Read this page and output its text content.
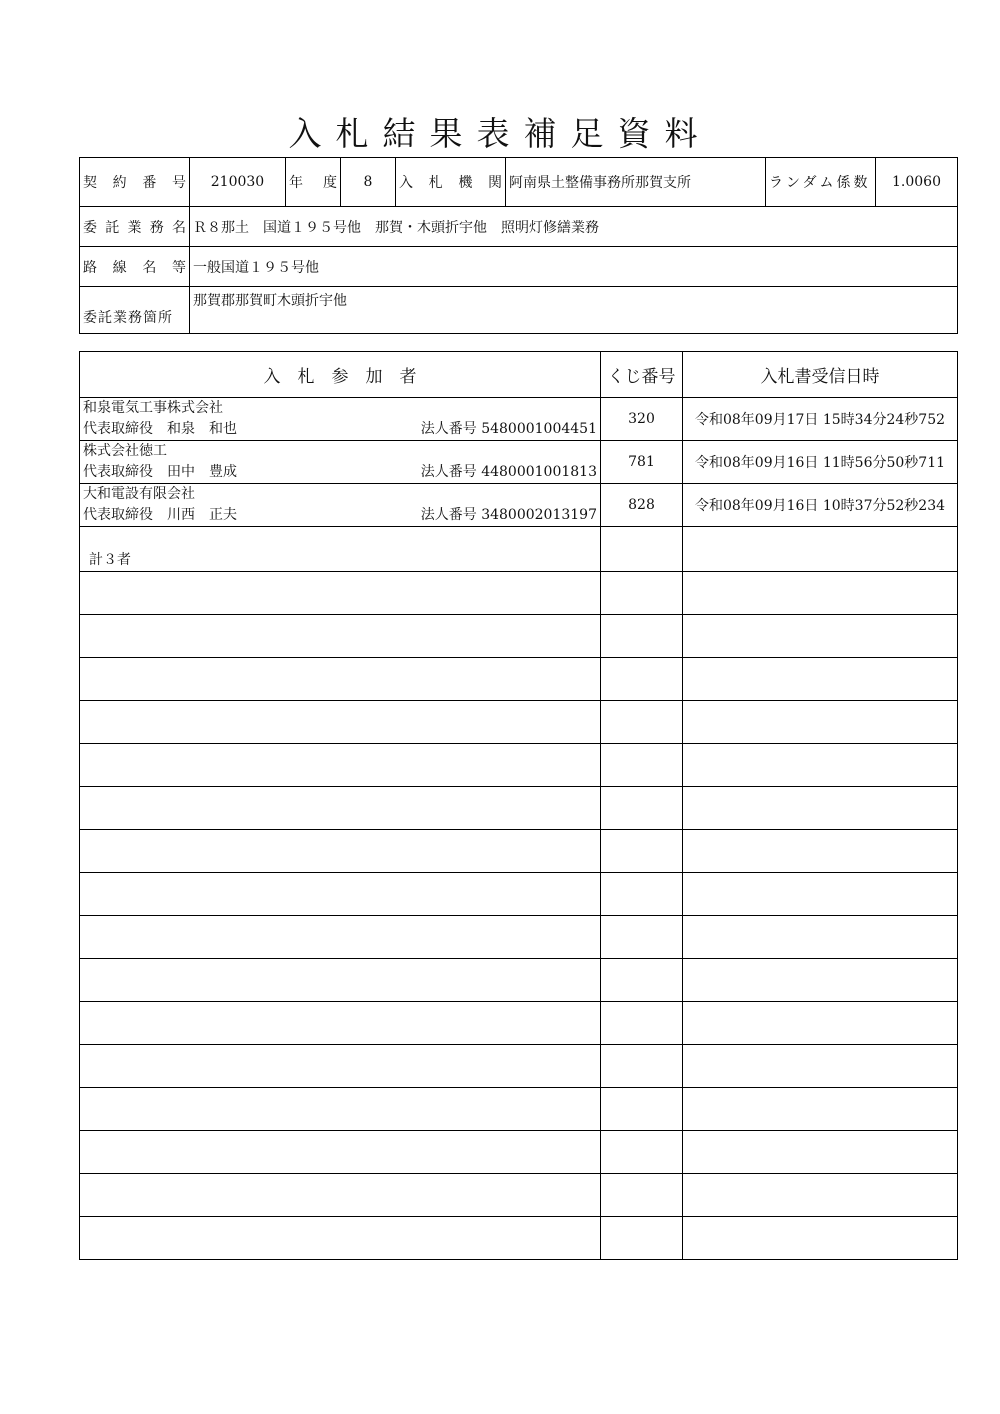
入札結果表補足資料
契 約 番 号	210030	年 度	8	入 札 機 関	阿南県土整備事務所那賀支所	ランダム係数	1.0060

委 託 業 務 名	Ｒ８那土　国道１９５号他　那賀・木頭折宇他　照明灯修繕業務						

路 線 名 等	一般国道１９５号他						
委託業務箇所	那賀郡那賀町木頭折宇他						
入　札　参　加　者	くじ番号	入札書受信日時

和泉電気工事株式会社
代表取締役　和泉　和也 法人番号 5480001004451	320	令和08年09月17日 15時34分24秒752

株式会社徳工
代表取締役　田中　豊成 法人番号 4480001001813	781	令和08年09月16日 11時56分50秒711

大和電設有限会社
代表取締役　川西　正夫 法人番号 3480002013197	828	令和08年09月16日 10時37分52秒234
計３者		
